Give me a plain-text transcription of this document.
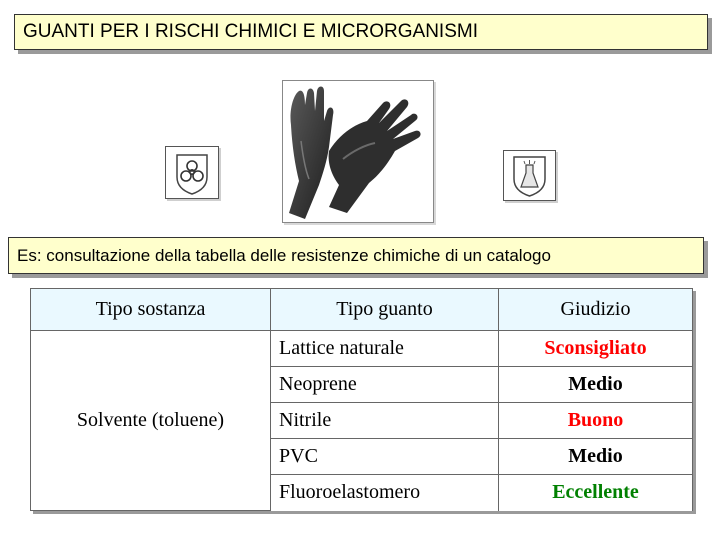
GUANTI PER I RISCHI CHIMICI E MICRORGANISMI
Es: consultazione della tabella delle resistenze chimiche di un catalogo
Tipo sostanza	Tipo guanto	Giudizio
Solvente (toluene)	Lattice naturale	Sconsigliato
	Neoprene	Medio
	Nitrile	Buono
	PVC	Medio
	Fluoroelastomero	Eccellente
